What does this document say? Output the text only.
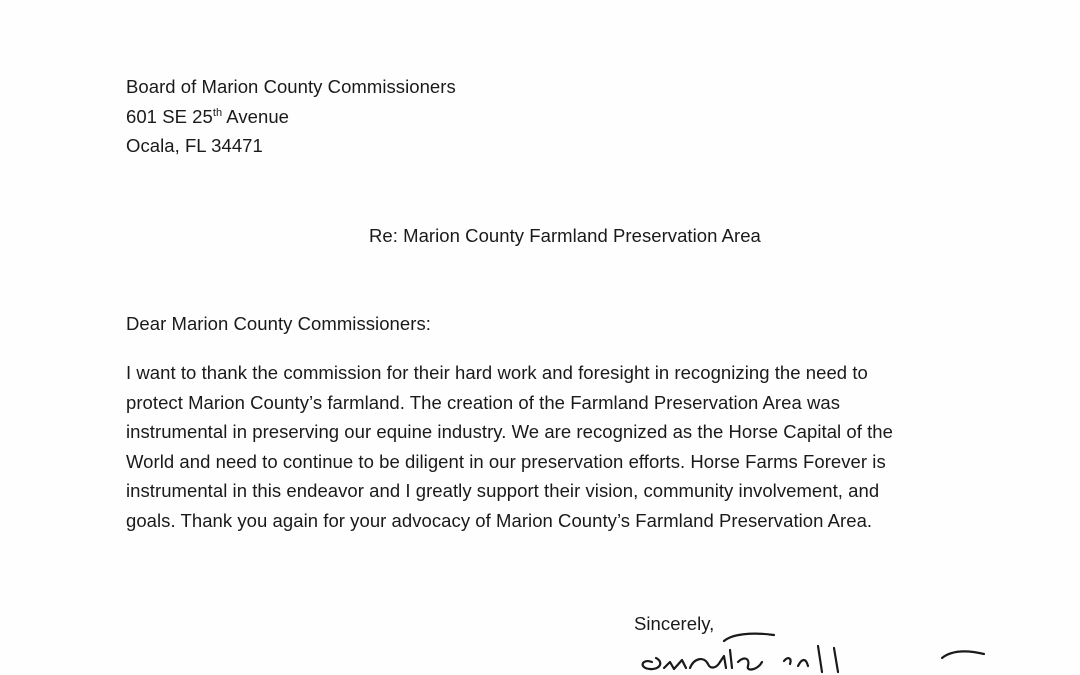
Board of Marion County Commissioners
601 SE 25th Avenue
Ocala, FL 34471
Re: Marion County Farmland Preservation Area
Dear Marion County Commissioners:
I want to thank the commission for their hard work and foresight in recognizing the need to
protect Marion County’s farmland. The creation of the Farmland Preservation Area was
instrumental in preserving our equine industry. We are recognized as the Horse Capital of the
World and need to continue to be diligent in our preservation efforts. Horse Farms Forever is
instrumental in this endeavor and I greatly support their vision, community involvement, and
goals. Thank you again for your advocacy of Marion County’s Farmland Preservation Area.
Sincerely,
